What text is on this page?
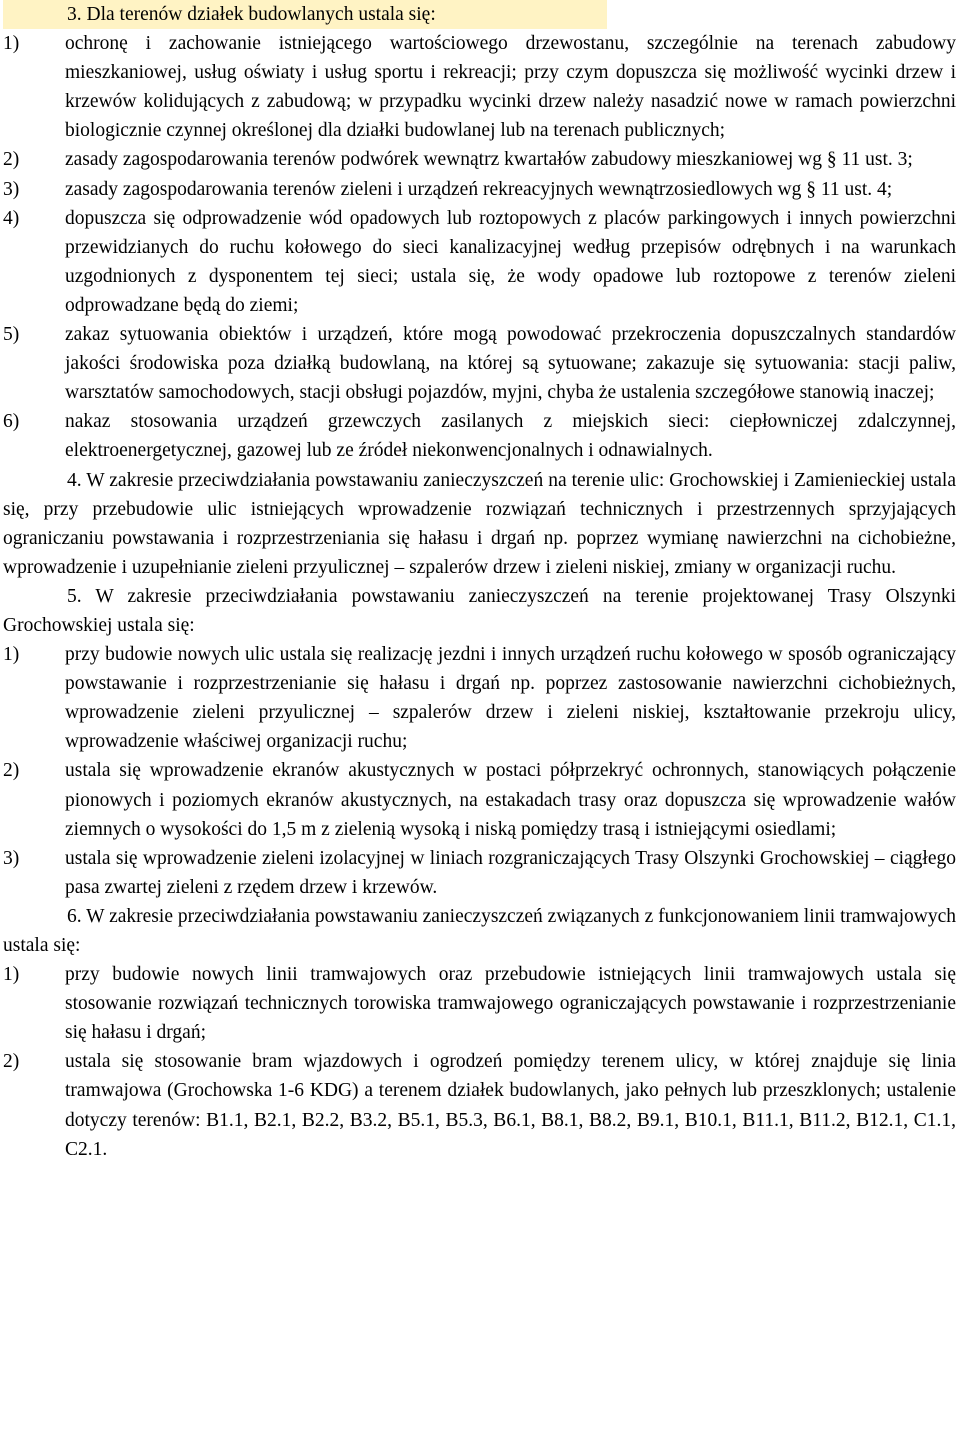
3. Dla terenów działek budowlanych ustala się:

1)	ochronę i zachowanie istniejącego wartościowego drzewostanu, szczególnie na terenach zabudowy mieszkaniowej, usług oświaty i usług sportu i rekreacji; przy czym dopuszcza się możliwość wycinki drzew i krzewów kolidujących z zabudową; w przypadku wycinki drzew należy nasadzić nowe w ramach powierzchni biologicznie czynnej określonej dla działki budowlanej lub na terenach publicznych;
2)	zasady zagospodarowania terenów podwórek wewnątrz kwartałów zabudowy mieszkaniowej wg § 11 ust. 3;
3)	zasady zagospodarowania terenów zieleni i urządzeń rekreacyjnych wewnątrzosiedlowych wg § 11 ust. 4;
4)	dopuszcza się odprowadzenie wód opadowych lub roztopowych z placów parkingowych i innych powierzchni przewidzianych do ruchu kołowego do sieci kanalizacyjnej według przepisów odrębnych i na warunkach uzgodnionych z dysponentem tej sieci; ustala się, że wody opadowe lub roztopowe z terenów zieleni odprowadzane będą do ziemi;
5)	zakaz sytuowania obiektów i urządzeń, które mogą powodować przekroczenia dopuszczalnych standardów jakości środowiska poza działką budowlaną, na której są sytuowane; zakazuje się sytuowania: stacji paliw, warsztatów samochodowych, stacji obsługi pojazdów, myjni, chyba że ustalenia szczegółowe stanowią inaczej;
6)	nakaz stosowania urządzeń grzewczych zasilanych z miejskich sieci: ciepłowniczej zdalczynnej, elektroenergetycznej, gazowej lub ze źródeł niekonwencjonalnych i odnawialnych.

4. W zakresie przeciwdziałania powstawaniu zanieczyszczeń na terenie ulic: Grochowskiej i Zamienieckiej ustala się, przy przebudowie ulic istniejących wprowadzenie rozwiązań technicznych i przestrzennych sprzyjających ograniczaniu powstawania i rozprzestrzeniania się hałasu i drgań np. poprzez wymianę nawierzchni na cichobieżne, wprowadzenie i uzupełnianie zieleni przyulicznej – szpalerów drzew i zieleni niskiej, zmiany w organizacji ruchu.

5. W zakresie przeciwdziałania powstawaniu zanieczyszczeń na terenie projektowanej Trasy Olszynki Grochowskiej ustala się:

1)	przy budowie nowych ulic ustala się realizację jezdni i innych urządzeń ruchu kołowego w sposób ograniczający powstawanie i rozprzestrzenianie się hałasu i drgań np. poprzez zastosowanie nawierzchni cichobieżnych, wprowadzenie zieleni przyulicznej – szpalerów drzew i zieleni niskiej, kształtowanie przekroju ulicy, wprowadzenie właściwej organizacji ruchu;
2)	ustala się wprowadzenie ekranów akustycznych w postaci półprzekryć ochronnych, stanowiących połączenie pionowych i poziomych ekranów akustycznych, na estakadach trasy oraz dopuszcza się wprowadzenie wałów ziemnych o wysokości do 1,5 m z zielenią wysoką i niską pomiędzy trasą i istniejącymi osiedlami;
3)	ustala się wprowadzenie zieleni izolacyjnej w liniach rozgraniczających Trasy Olszynki Grochowskiej – ciągłego pasa zwartej zieleni z rzędem drzew i krzewów.

6. W zakresie przeciwdziałania powstawaniu zanieczyszczeń związanych z funkcjonowaniem linii tramwajowych ustala się:

1)	przy budowie nowych linii tramwajowych oraz przebudowie istniejących linii tramwajowych ustala się stosowanie rozwiązań technicznych torowiska tramwajowego ograniczających powstawanie i rozprzestrzenianie się hałasu i drgań;
2)	ustala się stosowanie bram wjazdowych i ogrodzeń pomiędzy terenem ulicy, w której znajduje się linia tramwajowa (Grochowska 1-6 KDG) a terenem działek budowlanych, jako pełnych lub przeszklonych; ustalenie dotyczy terenów: B1.1, B2.1, B2.2, B3.2, B5.1, B5.3, B6.1, B8.1, B8.2, B9.1, B10.1, B11.1, B11.2, B12.1, C1.1, C2.1.
